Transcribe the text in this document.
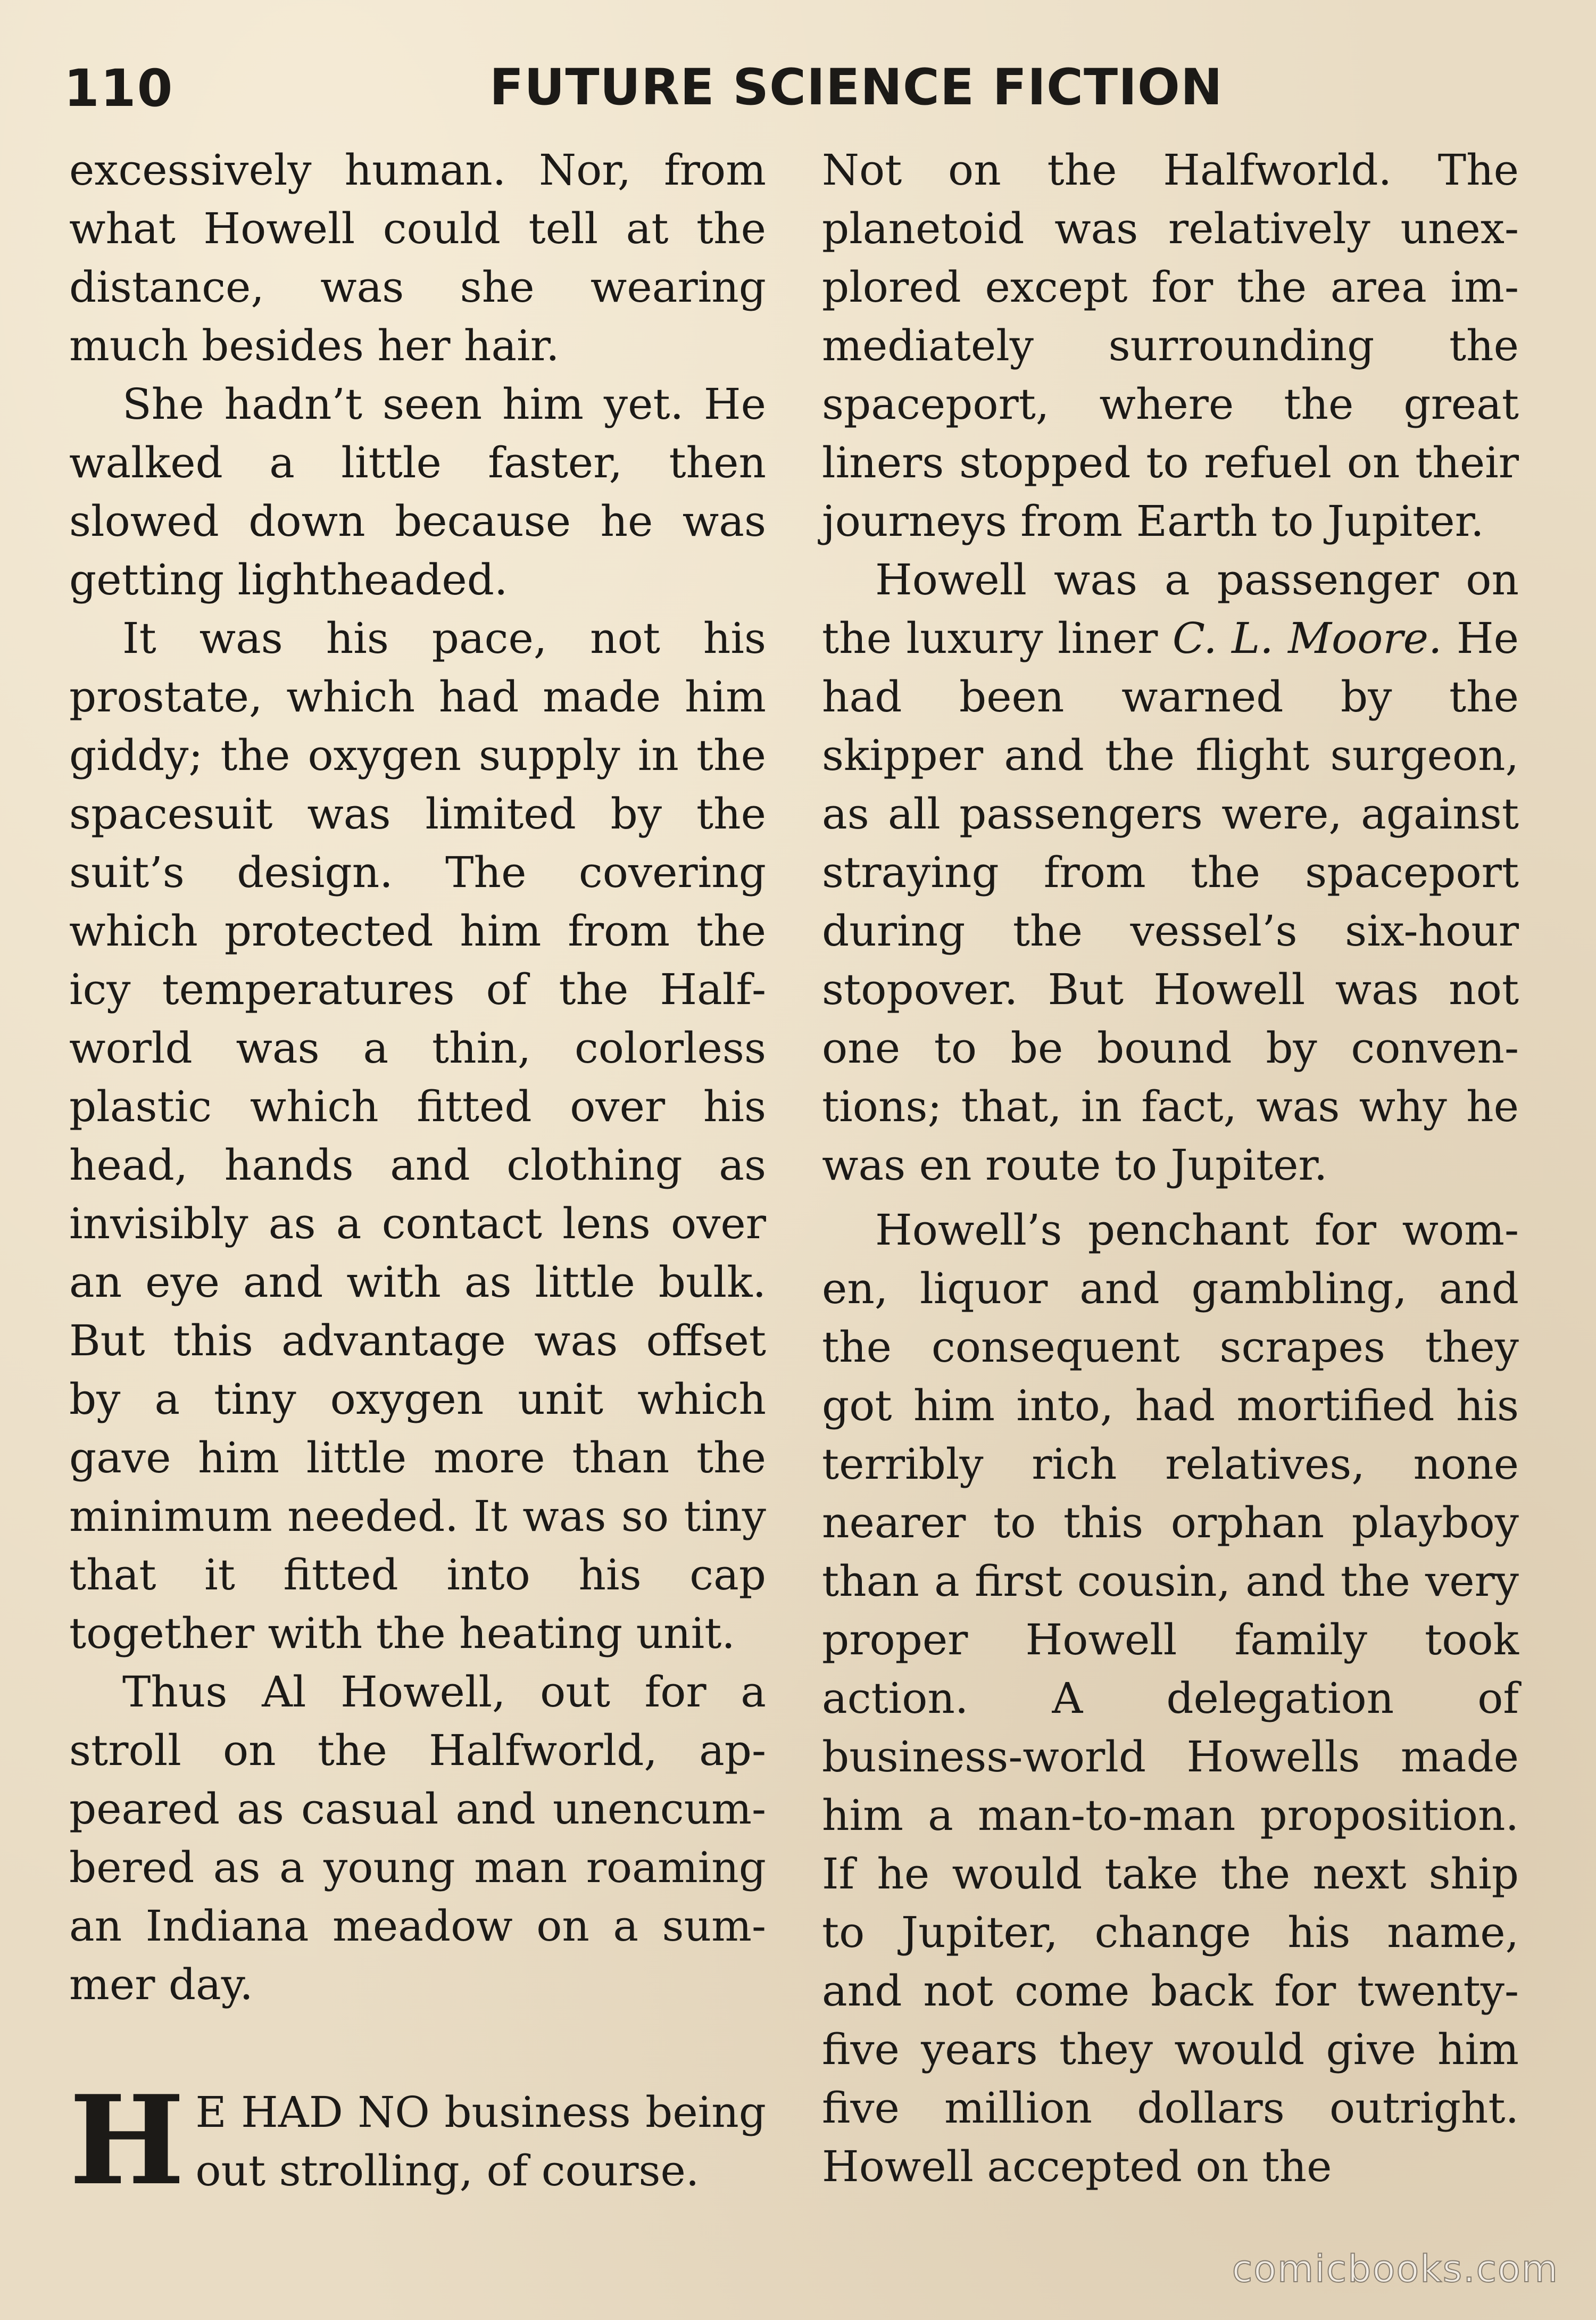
110	FUTURE SCIENCE FICTION

excessively human. Nor, from what Howell could tell at the distance, was she wearing much besides her hair.

She hadn’t seen him yet. He walked a little faster, then slowed down because he was getting lightheaded.

It was his pace, not his prostate, which had made him giddy; the oxygen supply in the spacesuit was limited by the suit’s design. The covering which protected him from the icy temperatures of the Halfworld was a thin, colorless plastic which fitted over his head, hands and clothing as invisibly as a contact lens over an eye and with as little bulk. But this advantage was offset by a tiny oxygen unit which gave him little more than the minimum needed. It was so tiny that it fitted into his cap together with the heating unit.

Thus Al Howell, out for a stroll on the Halfworld, appeared as casual and unencumbered as a young man roaming an Indiana meadow on a summer day.

H E HAD NO business being out strolling, of course.

Not on the Halfworld. The planetoid was relatively unexplored except for the area immediately surrounding the spaceport, where the great liners stopped to refuel on their journeys from Earth to Jupiter.

Howell was a passenger on the luxury liner C. L. Moore. He had been warned by the skipper and the flight surgeon, as all passengers were, against straying from the spaceport during the vessel’s six-hour stopover. But Howell was not one to be bound by conventions; that, in fact, was why he was en route to Jupiter.

Howell’s penchant for women, liquor and gambling, and the consequent scrapes they got him into, had mortified his terribly rich relatives, none nearer to this orphan playboy than a first cousin, and the very proper Howell family took action. A delegation of business-world Howells made him a man-to-man proposition. If he would take the next ship to Jupiter, change his name, and not come back for twenty-five years they would give him five million dollars outright. Howell accepted on the

comicbooks.com
